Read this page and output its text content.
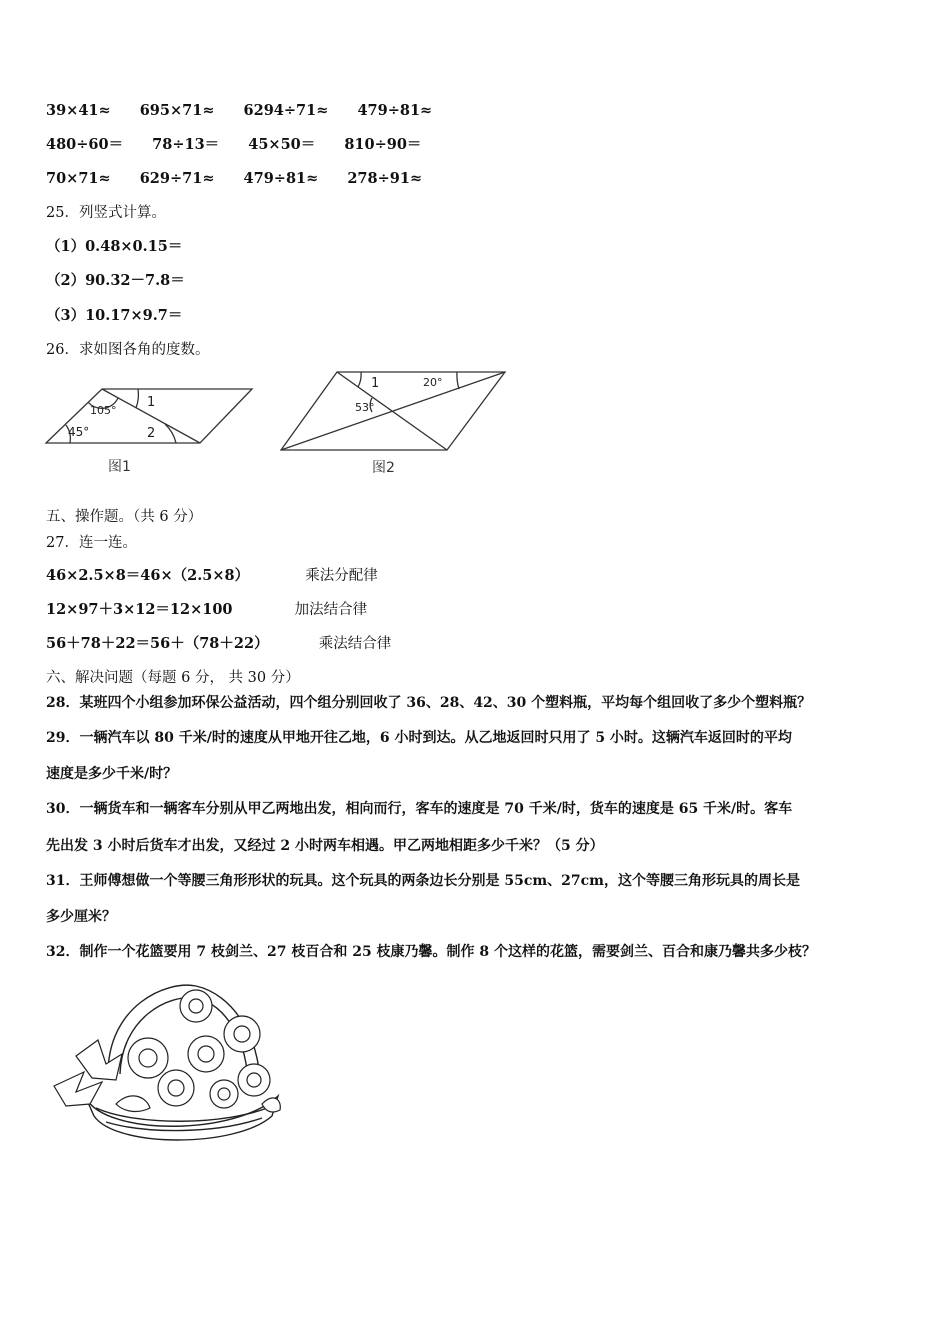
39×41≈ 695×71≈ 6294÷71≈ 479÷81≈
480÷60＝ 78÷13＝ 45×50＝ 810÷90＝
70×71≈ 629÷71≈ 479÷81≈ 278÷91≈
25．列竖式计算。
（1）0.48×0.15＝
（2）90.32－7.8＝
（3）10.17×9.7＝
26．求如图各角的度数。
45°
105°
1
2
图1
1	20°
53°
图2
五、操作题。（共 6 分）
27．连一连。
46×2.5×8＝46×（2.5×8）	乘法分配律
12×97＋3×12＝12×100	加法结合律
56＋78＋22＝56＋（78＋22）	乘法结合律
六、解决问题（每题 6 分， 共 30 分）
28．某班四个小组参加环保公益活动，四个组分别回收了 36、28、42、30 个塑料瓶，平均每个组回收了多少个塑料瓶？
29．一辆汽车以 80 千米/时的速度从甲地开往乙地，6 小时到达。从乙地返回时只用了 5 小时。这辆汽车返回时的平均
速度是多少千米/时？
30．一辆货车和一辆客车分别从甲乙两地出发，相向而行，客车的速度是 70 千米/时，货车的速度是 65 千米/时。客车
先出发 3 小时后货车才出发，又经过 2 小时两车相遇。甲乙两地相距多少千米？（5 分）
31．王师傅想做一个等腰三角形形状的玩具。这个玩具的两条边长分别是 55cm、27cm，这个等腰三角形玩具的周长是
多少厘米？
32．制作一个花篮要用 7 枝剑兰、27 枝百合和 25 枝康乃馨。制作 8 个这样的花篮，需要剑兰、百合和康乃馨共多少枝？
